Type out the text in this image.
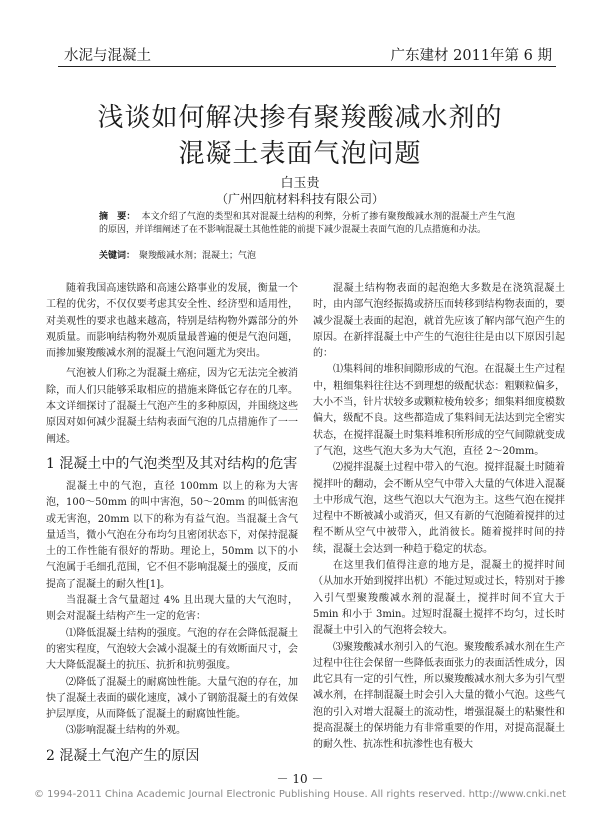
水泥与混凝土	广东建材 2011年第 6 期
浅谈如何解决掺有聚羧酸减水剂的
混凝土表面气泡问题
白玉贵
（广州四航材料科技有限公司）
摘　要： 本文介绍了气泡的类型和其对混凝土结构的利弊，分析了掺有聚羧酸减水剂的混凝土产生气泡的原因，并详细阐述了在不影响混凝土其他性能的前提下减少混凝土表面气泡的几点措施和办法。
关键词： 聚羧酸减水剂；混凝土；气泡

随着我国高速铁路和高速公路事业的发展，衡量一个工程的优劣，不仅仅要考虑其安全性、经济型和适用性，对美观性的要求也越来越高，特别是结构物外露部分的外观质量。而影响结构物外观质量最普遍的便是气泡问题，而掺加聚羧酸减水剂的混凝土气泡问题尤为突出。

气泡被人们称之为混凝土癌症，因为它无法完全被消除，而人们只能够采取相应的措施来降低它存在的几率。本文详细探讨了混凝土气泡产生的多种原因，并围绕这些原因对如何减少混凝土结构表面气泡的几点措施作了一一阐述。

1 混凝土中的气泡类型及其对结构的危害

混凝土中的气泡，直径 100mm 以上的称为大害泡，100～50mm 的叫中害泡，50～20mm 的叫低害泡或无害泡，20mm 以下的称为有益气泡。当混凝土含气量适当，微小气泡在分布均匀且密闭状态下，对保持混凝土的工作性能有很好的帮助。理论上，50mm 以下的小气泡属于毛细孔范围，它不但不影响混凝土的强度，反而提高了混凝土的耐久性[1]。

当混凝土含气量超过 4% 且出现大量的大气泡时，则会对混凝土结构产生一定的危害：

⑴降低混凝土结构的强度。气泡的存在会降低混凝土的密实程度，气泡较大会减小混凝土的有效断面尺寸，会大大降低混凝土的抗压、抗折和抗剪强度。

⑵降低了混凝土的耐腐蚀性能。大量气泡的存在，加快了混凝土表面的碳化速度，减小了钢筋混凝土的有效保护层厚度，从而降低了混凝土的耐腐蚀性能。

⑶影响混凝土结构的外观。

2 混凝土气泡产生的原因

混凝土结构物表面的起泡绝大多数是在浇筑混凝土时，由内部气泡经振捣或挤压而转移到结构物表面的，要减少混凝土表面的起泡，就首先应该了解内部气泡产生的原因。在新拌混凝土中产生的气泡往往是由以下原因引起的：

⑴集料间的堆积间隙形成的气泡。在混凝土生产过程中，粗细集料往往达不到理想的级配状态：粗颗粒偏多，大小不当，针片状较多或颗粒棱角较多；细集料细度模数偏大，级配不良。这些都造成了集料间无法达到完全密实状态，在搅拌混凝土时集料堆积所形成的空气间隙就变成了气泡，这些气泡大多为大气泡，直径 2～20mm。

⑵搅拌混凝土过程中带入的气泡。搅拌混凝土时随着搅拌叶的翻动，会不断从空气中带入大量的气体进入混凝土中形成气泡，这些气泡以大气泡为主。这些气泡在搅拌过程中不断被减小或消灭，但又有新的气泡随着搅拌的过程不断从空气中被带入，此消彼长。随着搅拌时间的持续，混凝土会达到一种趋于稳定的状态。

在这里我们值得注意的地方是，混凝土的搅拌时间（从加水开始到搅拌出机）不能过短或过长，特别对于掺入引气型聚羧酸减水剂的混凝土，搅拌时间不宜大于 5min 和小于 3min。过短时混凝土搅拌不均匀，过长时混凝土中引入的气泡将会较大。

⑶聚羧酸减水剂引入的气泡。聚羧酸系减水剂在生产过程中往往会保留一些降低表面张力的表面活性成分，因此它具有一定的引气性，所以聚羧酸减水剂大多为引气型减水剂，在拌制混凝土时会引入大量的微小气泡。这些气泡的引入对增大混凝土的流动性，增强混凝土的粘聚性和提高混凝土的保坍能力有非常重要的作用，对提高混凝土的耐久性、抗冻性和抗渗性也有极大

－ 10 －
© 1994-2011 China Academic Journal Electronic Publishing House. All rights reserved. http://www.cnki.net
